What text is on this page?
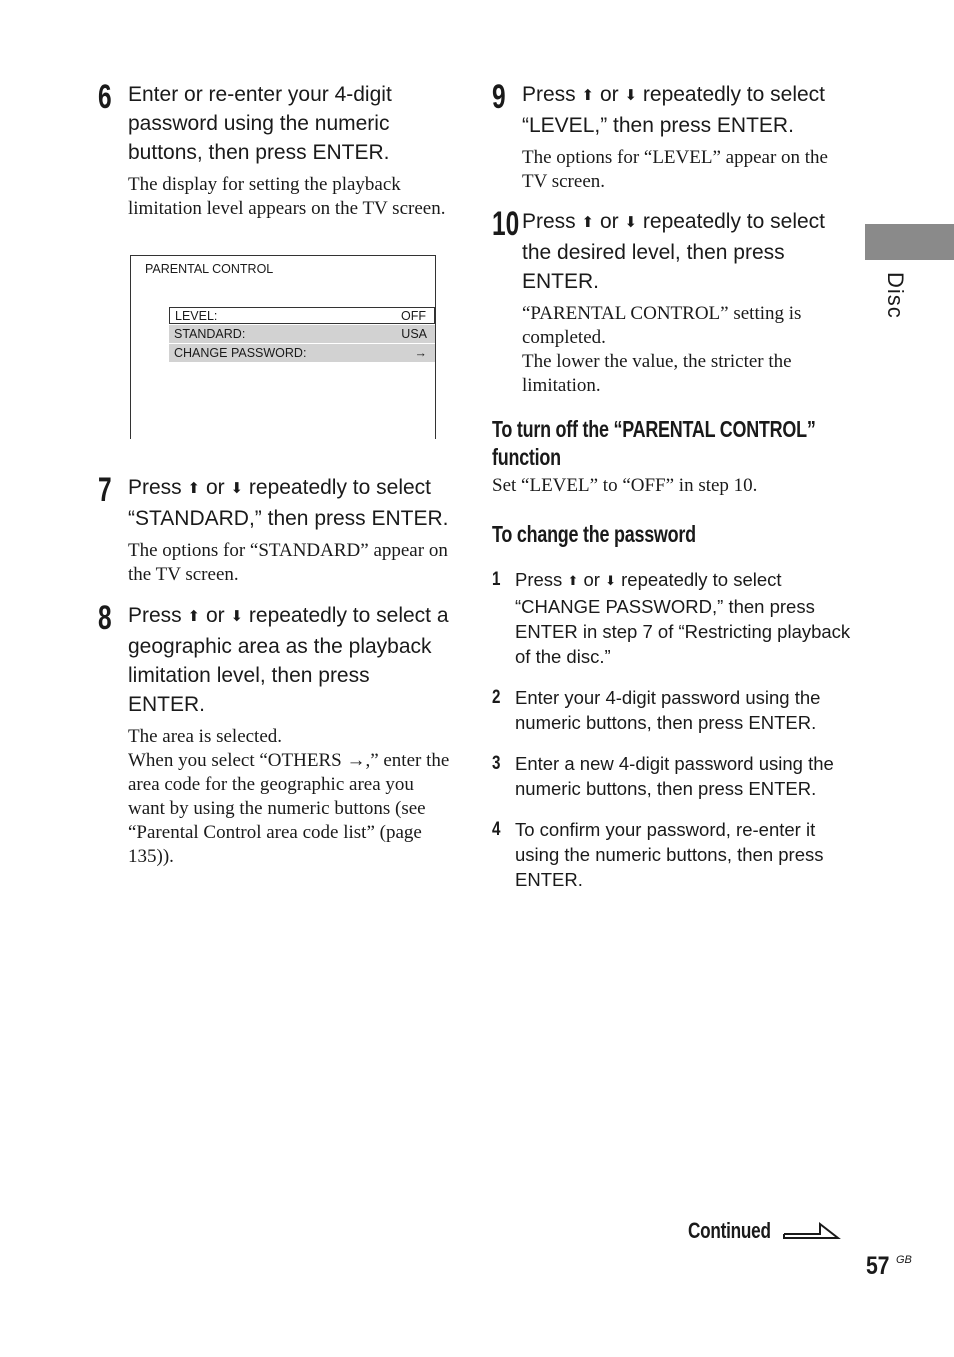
6 Enter or re-enter your 4-digit password using the numeric buttons, then press ENTER.

The display for setting the playback limitation level appears on the TV screen.

PARENTAL CONTROL
LEVEL:	OFF
STANDARD:	USA
CHANGE PASSWORD:	→
7 Press ⬆ or ⬇ repeatedly to select “STANDARD,” then press ENTER.

The options for “STANDARD” appear on the TV screen.

8 Press ⬆ or ⬇ repeatedly to select a geographic area as the playback limitation level, then press ENTER.

The area is selected.

When you select “OTHERS →,” enter the area code for the geographic area you want by using the numeric buttons (see “Parental Control area code list” (page 135)).

9 Press ⬆ or ⬇ repeatedly to select “LEVEL,” then press ENTER.

The options for “LEVEL” appear on the TV screen.

10 Press ⬆ or ⬇ repeatedly to select the desired level, then press ENTER.

“PARENTAL CONTROL” setting is completed.

The lower the value, the stricter the limitation.

To turn off the “PARENTAL CONTROL” function
Set “LEVEL” to “OFF” in step 10.
To change the password
1 Press ⬆ or ⬇ repeatedly to select “CHANGE PASSWORD,” then press ENTER in step 7 of “Restricting playback of the disc.”
2 Enter your 4-digit password using the numeric buttons, then press ENTER.
3 Enter a new 4-digit password using the numeric buttons, then press ENTER.
4 To confirm your password, re-enter it using the numeric buttons, then press ENTER.
Disc
Continued
57 GB
